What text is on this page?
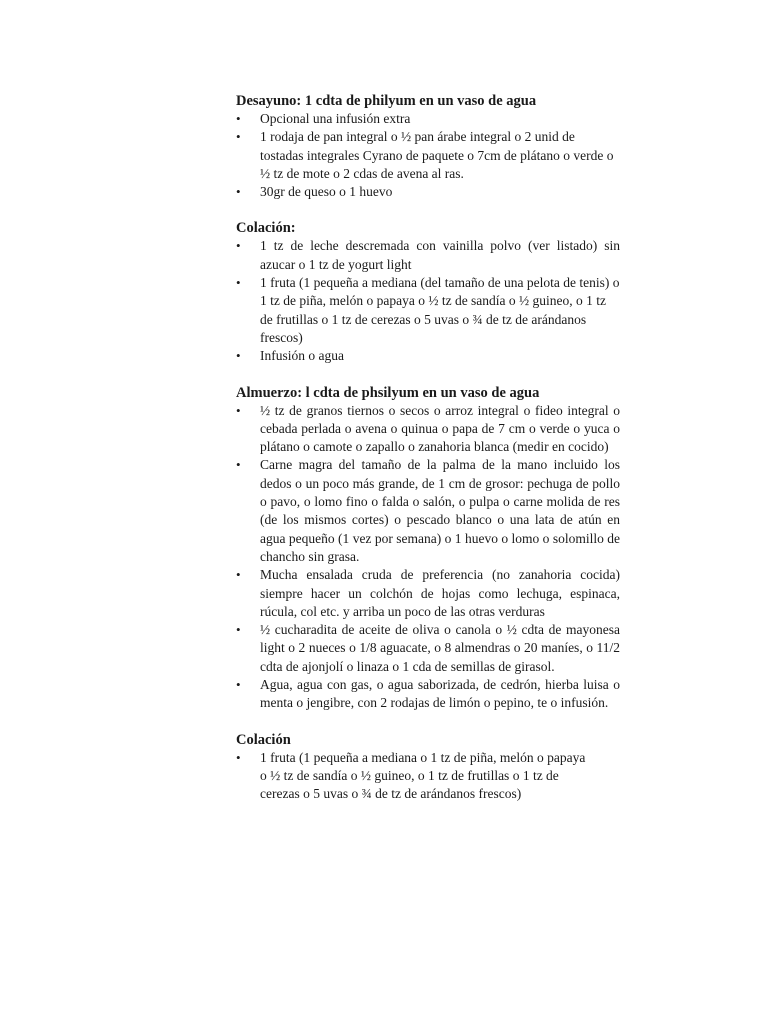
Desayuno: 1 cdta de philyum en un vaso de agua

• Opcional una infusión extra
• 1 rodaja de pan integral o ½ pan árabe integral o 2 unid de tostadas integrales Cyrano de paquete o 7cm de plátano o verde o ½ tz de mote o 2 cdas de avena al ras.
• 30gr de queso o 1 huevo

Colación:

• 1 tz de leche descremada con vainilla polvo (ver listado) sin azucar o 1 tz de yogurt light
• 1 fruta (1 pequeña a mediana (del tamaño de una pelota de tenis) o 1 tz de piña, melón o papaya o ½ tz de sandía o ½ guineo, o 1 tz de frutillas o 1 tz de cerezas o 5 uvas o ¾ de tz de arándanos frescos)
• Infusión o agua

Almuerzo: l cdta de phsilyum en un vaso de agua

• ½ tz de granos tiernos o secos o arroz integral o fideo integral o cebada perlada o avena o quinua o papa de 7 cm o verde o yuca o plátano o camote o zapallo o zanahoria blanca (medir en cocido)
• Carne magra del tamaño de la palma de la mano incluido los dedos o un poco más grande, de 1 cm de grosor: pechuga de pollo o pavo, o lomo fino o falda o salón, o pulpa o carne molida de res (de los mismos cortes) o pescado blanco o una lata de atún en agua pequeño (1 vez por semana) o 1 huevo o lomo o solomillo de chancho sin grasa.
• Mucha ensalada cruda de preferencia (no zanahoria cocida) siempre hacer un colchón de hojas como lechuga, espinaca, rúcula, col etc. y arriba un poco de las otras verduras
• ½ cucharadita de aceite de oliva o canola o ½ cdta de mayonesa light o 2 nueces o 1/8 aguacate, o 8 almendras o 20 maníes, o 11/2 cdta de ajonjolí o linaza o 1 cda de semillas de girasol.
• Agua, agua con gas, o agua saborizada, de cedrón, hierba luisa o menta o jengibre, con 2 rodajas de limón o pepino, te o infusión.

Colación

• 1 fruta (1 pequeña a mediana o 1 tz de piña, melón o papaya o ½ tz de sandía o ½ guineo, o 1 tz de frutillas o 1 tz de cerezas o 5 uvas o ¾ de tz de arándanos frescos)
